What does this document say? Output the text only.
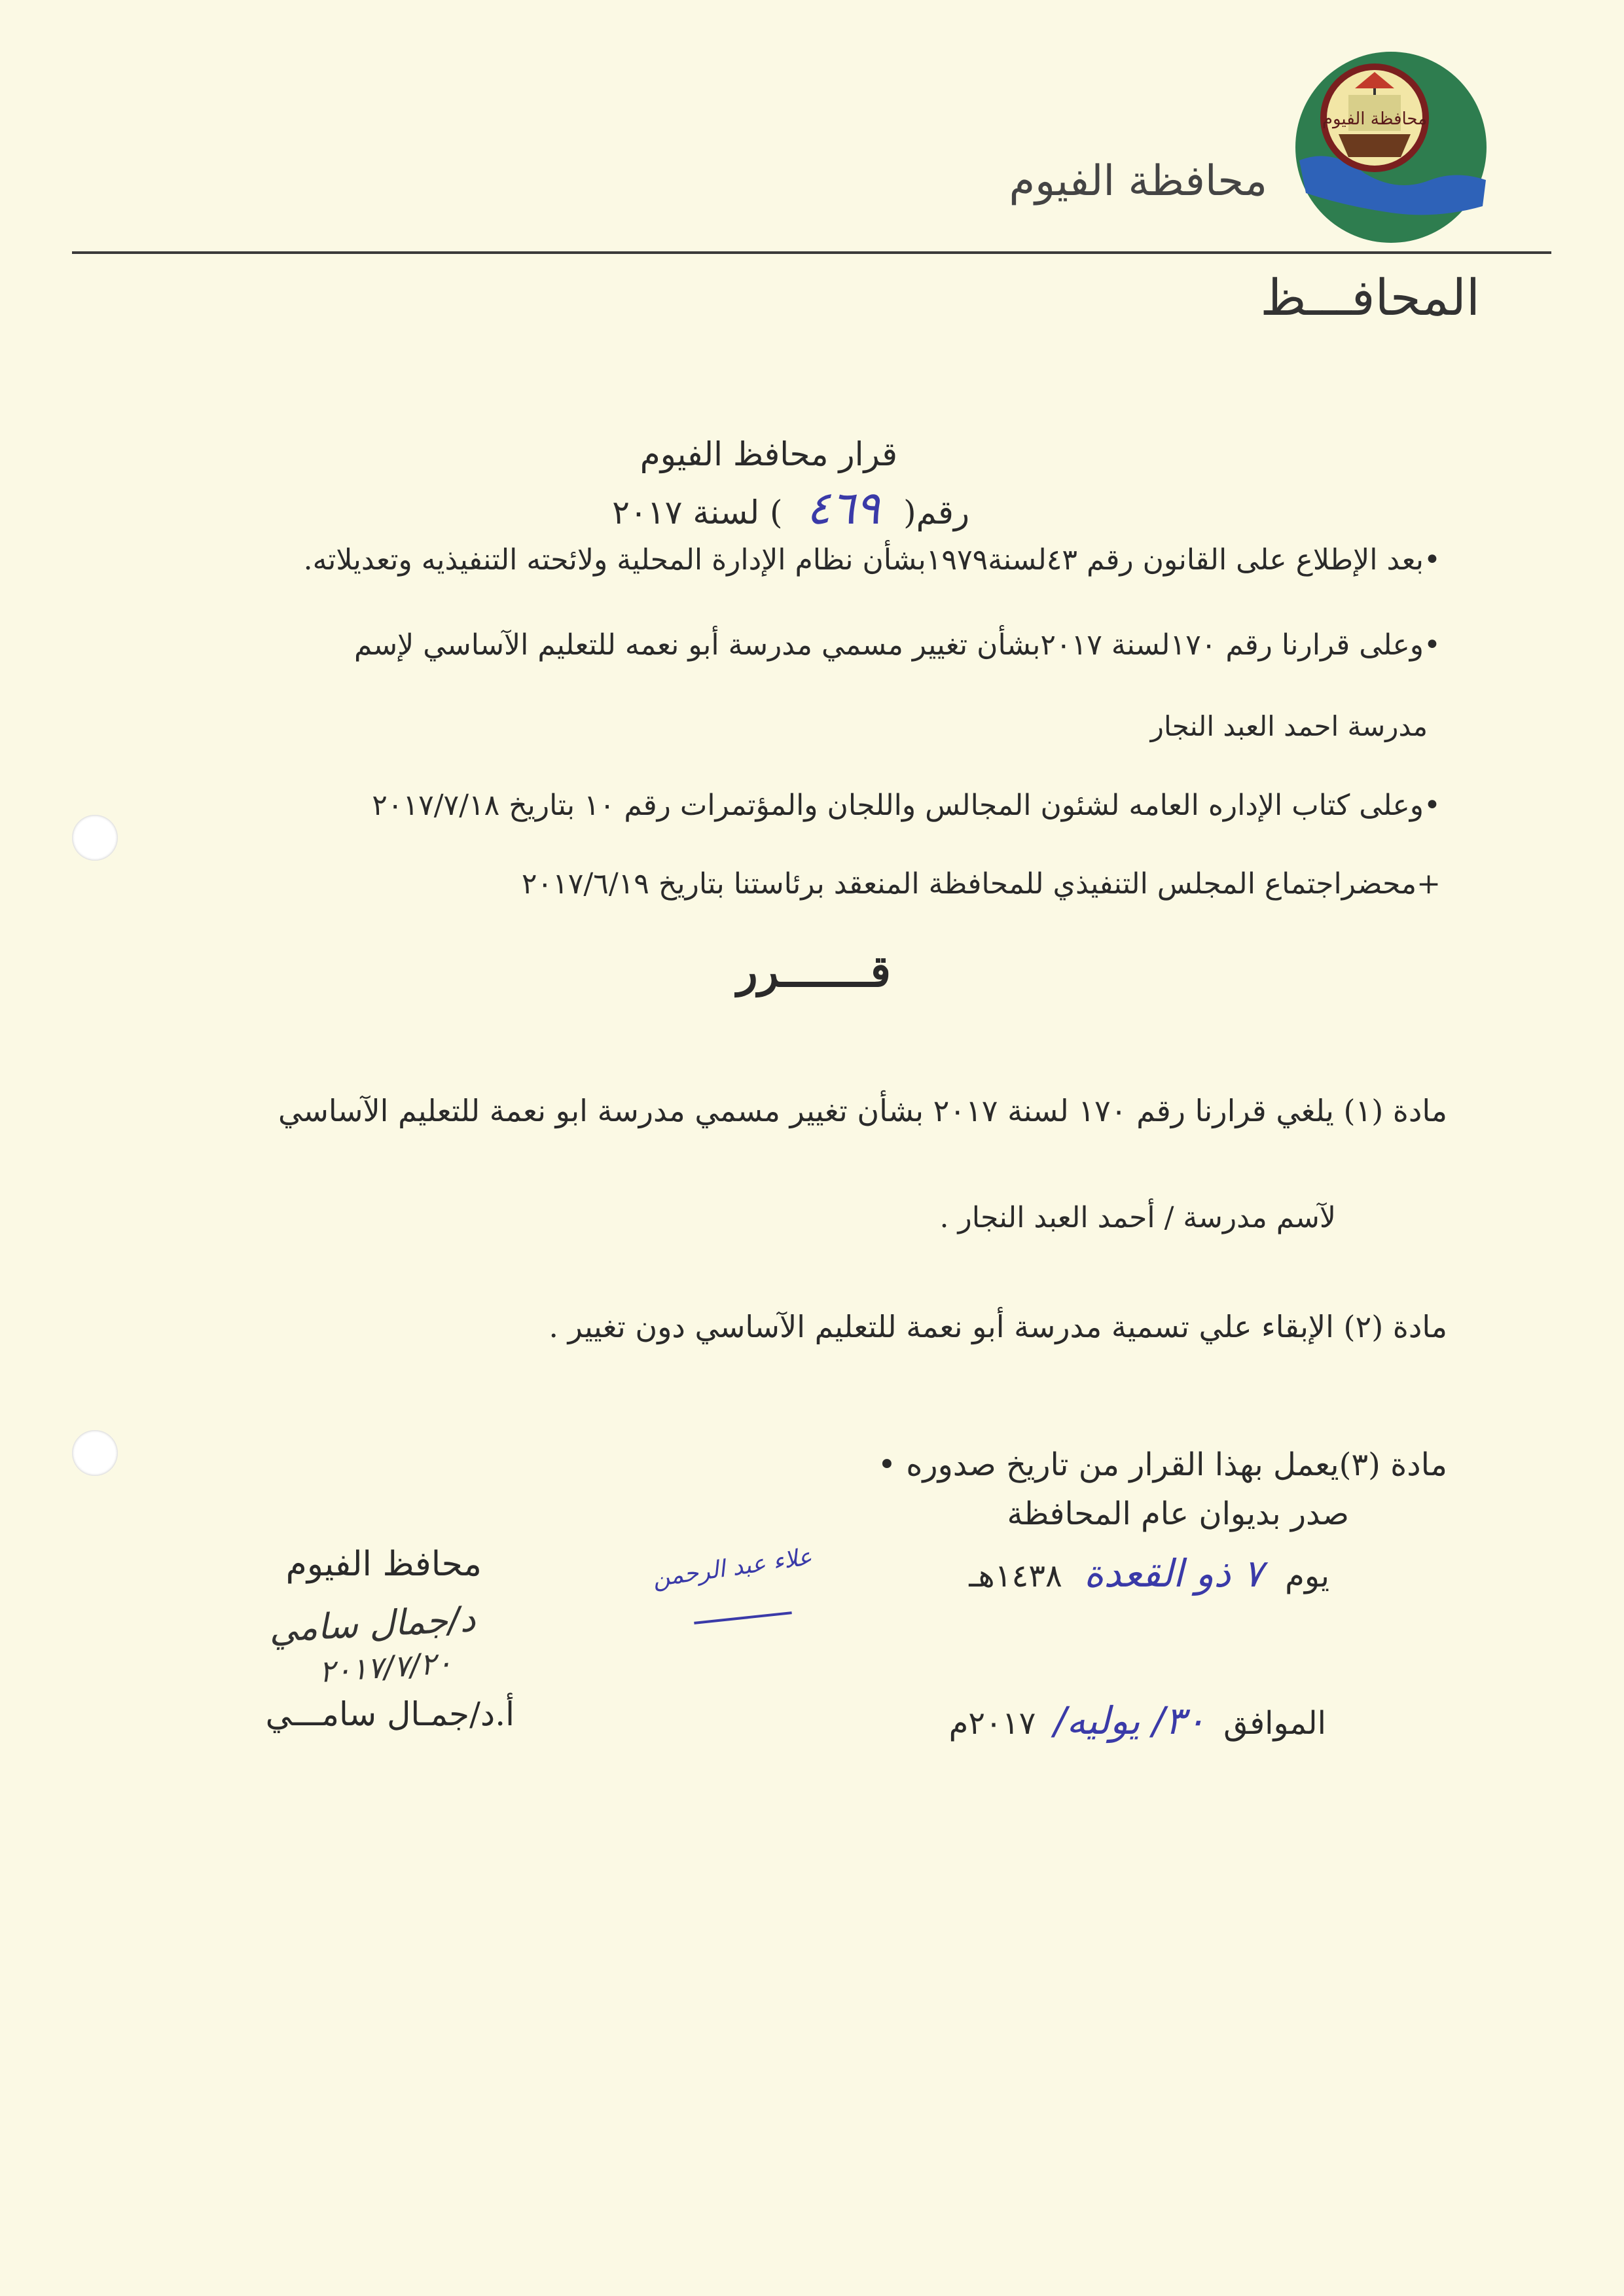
محافظة الفيوم
محافظة الفيوم
المحافـــظ
قرار محافظ الفيوم
رقم( ٤٦٩ ) لسنة ٢٠١٧
•بعد الإطلاع على القانون رقم ٤٣لسنة١٩٧٩بشأن نظام الإدارة المحلية ولائحته التنفيذيه وتعديلاته.
•وعلى قرارنا رقم ١٧٠لسنة ٢٠١٧بشأن تغيير مسمي مدرسة أبو نعمه للتعليم الآساسي لإسم
مدرسة احمد العبد النجار
•وعلى كتاب الإداره العامه لشئون المجالس واللجان والمؤتمرات رقم ١٠ بتاريخ ٢٠١٧/٧/١٨
+محضراجتماع المجلس التنفيذي للمحافظة المنعقد برئاستنا بتاريخ ٢٠١٧/٦/١٩
قـــــــرر
مادة (١) يلغي قرارنا رقم ١٧٠ لسنة ٢٠١٧ بشأن تغيير مسمي مدرسة ابو نعمة للتعليم الآساسي
لآسم مدرسة / أحمد العبد النجار .
مادة (٢) الإبقاء علي تسمية مدرسة أبو نعمة للتعليم الآساسي دون تغيير .
مادة (٣)يعمل بهذا القرار من تاريخ صدوره •
صدر بديوان عام المحافظة
يوم ٧ ذو القعدة ١٤٣٨هـ
الموافق ٣٠/ يوليه/ ٢٠١٧م
علاء عبد الرحمن
محافظ الفيوم
د/جمال سامي
٢٠١٧/٧/٢٠
أ.د/جمـال سامـــي
